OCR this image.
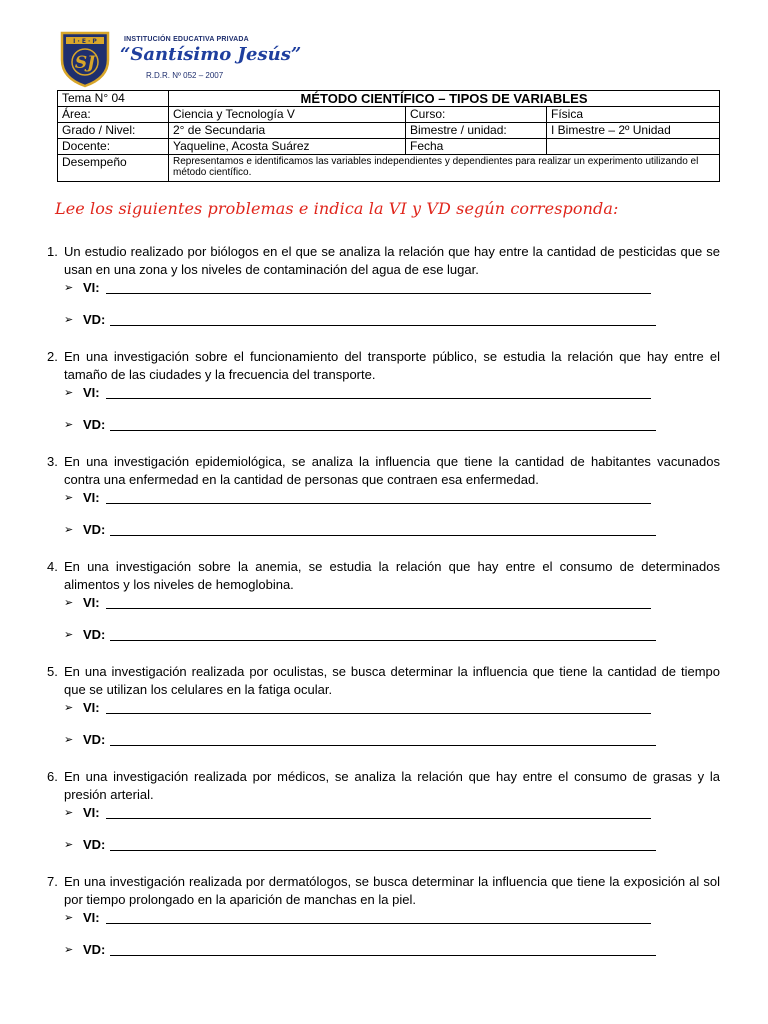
I · E · P
SJ
INSTITUCIÓN EDUCATIVA PRIVADA
“Santísimo Jesús”
R.D.R. Nº 052 – 2007
Tema N° 04	MÉTODO CIENTÍFICO – TIPOS DE VARIABLES		
Área:	Ciencia y Tecnología V	Curso:	Física
Grado / Nivel:	2° de Secundaria	Bimestre / unidad:	I Bimestre – 2º Unidad
Docente:	Yaqueline, Acosta Suárez	Fecha	
Desempeño	Representamos e identificamos las variables independientes y dependientes para realizar un experimento utilizando el método científico.		
Lee los siguientes problemas e indica la VI y VD según corresponda:
1. Un estudio realizado por biólogos en el que se analiza la relación que hay entre la cantidad de pesticidas que se usan en una zona y los niveles de contaminación del agua de ese lugar.
➢ VI:
➢ VD:
2. En una investigación sobre el funcionamiento del transporte público, se estudia la relación que hay entre el tamaño de las ciudades y la frecuencia del transporte.
➢ VI:
➢ VD:
3. En una investigación epidemiológica, se analiza la influencia que tiene la cantidad de habitantes vacunados contra una enfermedad en la cantidad de personas que contraen esa enfermedad.
➢ VI:
➢ VD:
4. En una investigación sobre la anemia, se estudia la relación que hay entre el consumo de determinados alimentos y los niveles de hemoglobina.
➢ VI:
➢ VD:
5. En una investigación realizada por oculistas, se busca determinar la influencia que tiene la cantidad de tiempo que se utilizan los celulares en la fatiga ocular.
➢ VI:
➢ VD:
6. En una investigación realizada por médicos, se analiza la relación que hay entre el consumo de grasas y la presión arterial.
➢ VI:
➢ VD:
7. En una investigación realizada por dermatólogos, se busca determinar la influencia que tiene la exposición al sol por tiempo prolongado en la aparición de manchas en la piel.
➢ VI:
➢ VD:
